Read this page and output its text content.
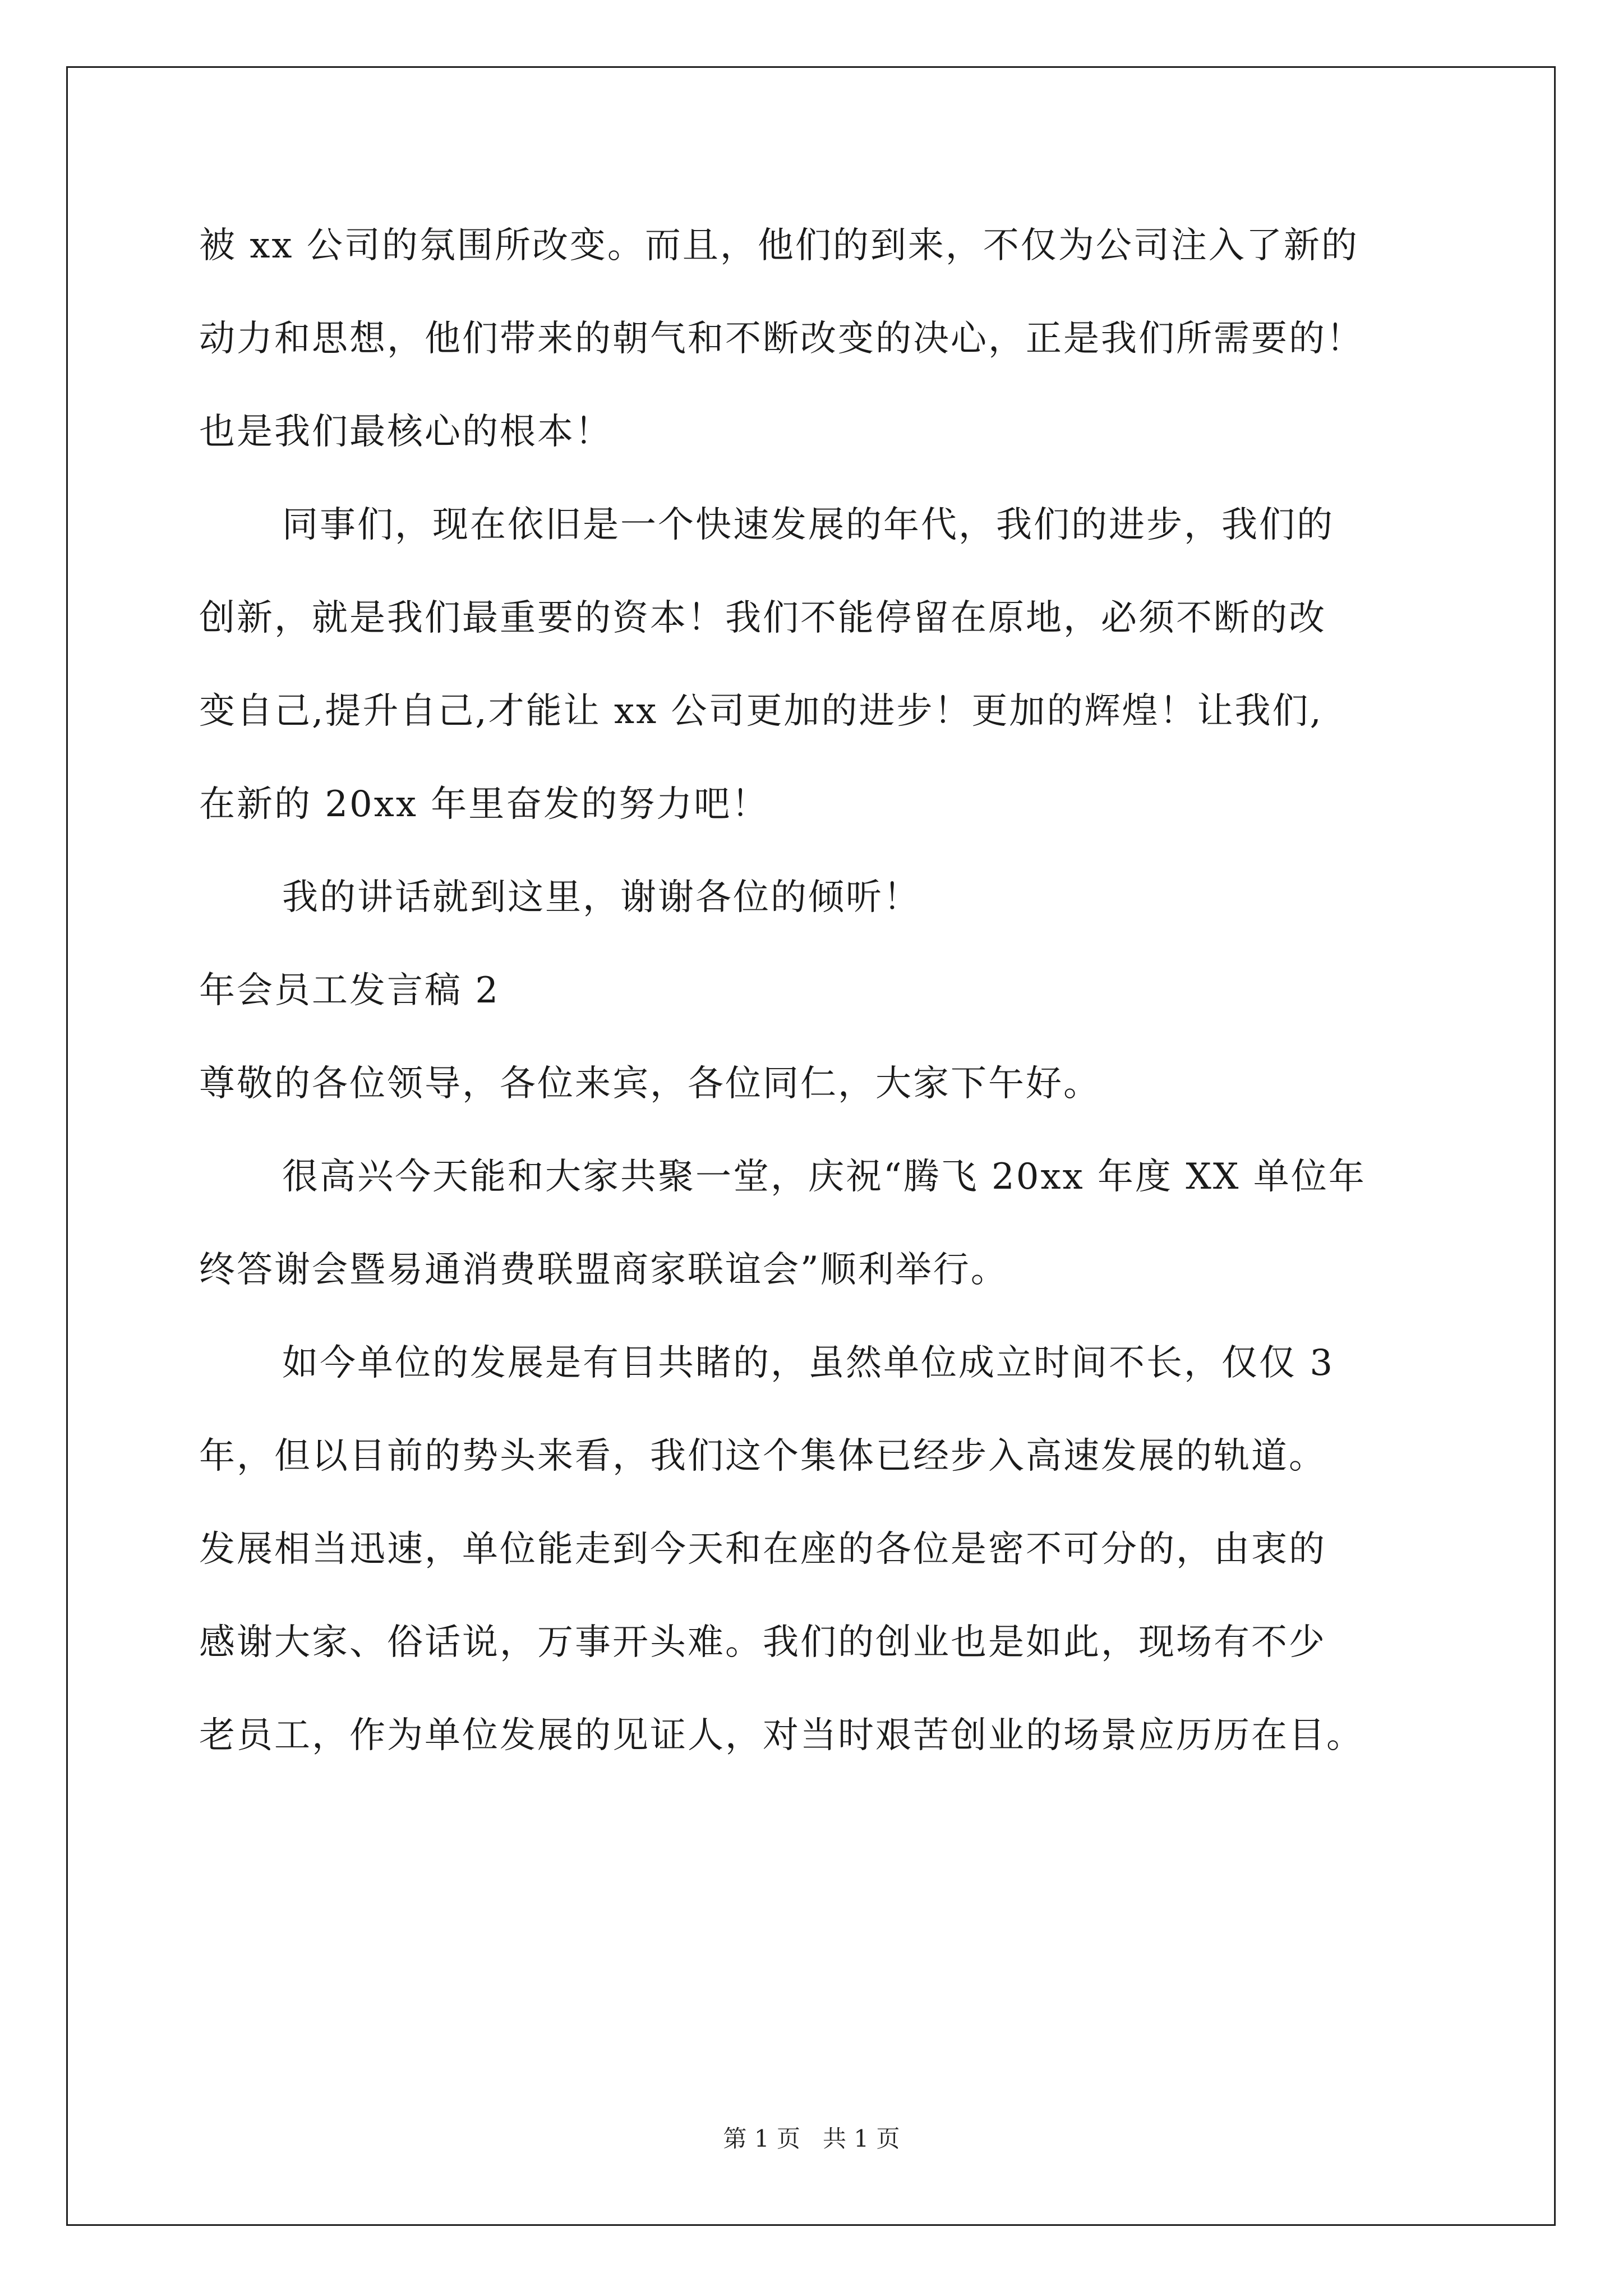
被 xx 公司的氛围所改变。而且，他们的到来，不仅为公司注入了新的
动力和思想，他们带来的朝气和不断改变的决心，正是我们所需要的！
也是我们最核心的根本！
同事们，现在依旧是一个快速发展的年代，我们的进步，我们的
创新，就是我们最重要的资本！我们不能停留在原地，必须不断的改
变自己,提升自己,才能让 xx 公司更加的进步！更加的辉煌！让我们,
在新的 20xx 年里奋发的努力吧！
我的讲话就到这里，谢谢各位的倾听！
年会员工发言稿 2
尊敬的各位领导，各位来宾，各位同仁，大家下午好。
很高兴今天能和大家共聚一堂，庆祝“腾飞 20xx 年度 XX 单位年
终答谢会暨易通消费联盟商家联谊会”顺利举行。
如今单位的发展是有目共睹的，虽然单位成立时间不长，仅仅 3
年，但以目前的势头来看，我们这个集体已经步入高速发展的轨道。
发展相当迅速，单位能走到今天和在座的各位是密不可分的，由衷的
感谢大家、俗话说，万事开头难。我们的创业也是如此，现场有不少
老员工，作为单位发展的见证人，对当时艰苦创业的场景应历历在目。
第 1 页   共 1 页
